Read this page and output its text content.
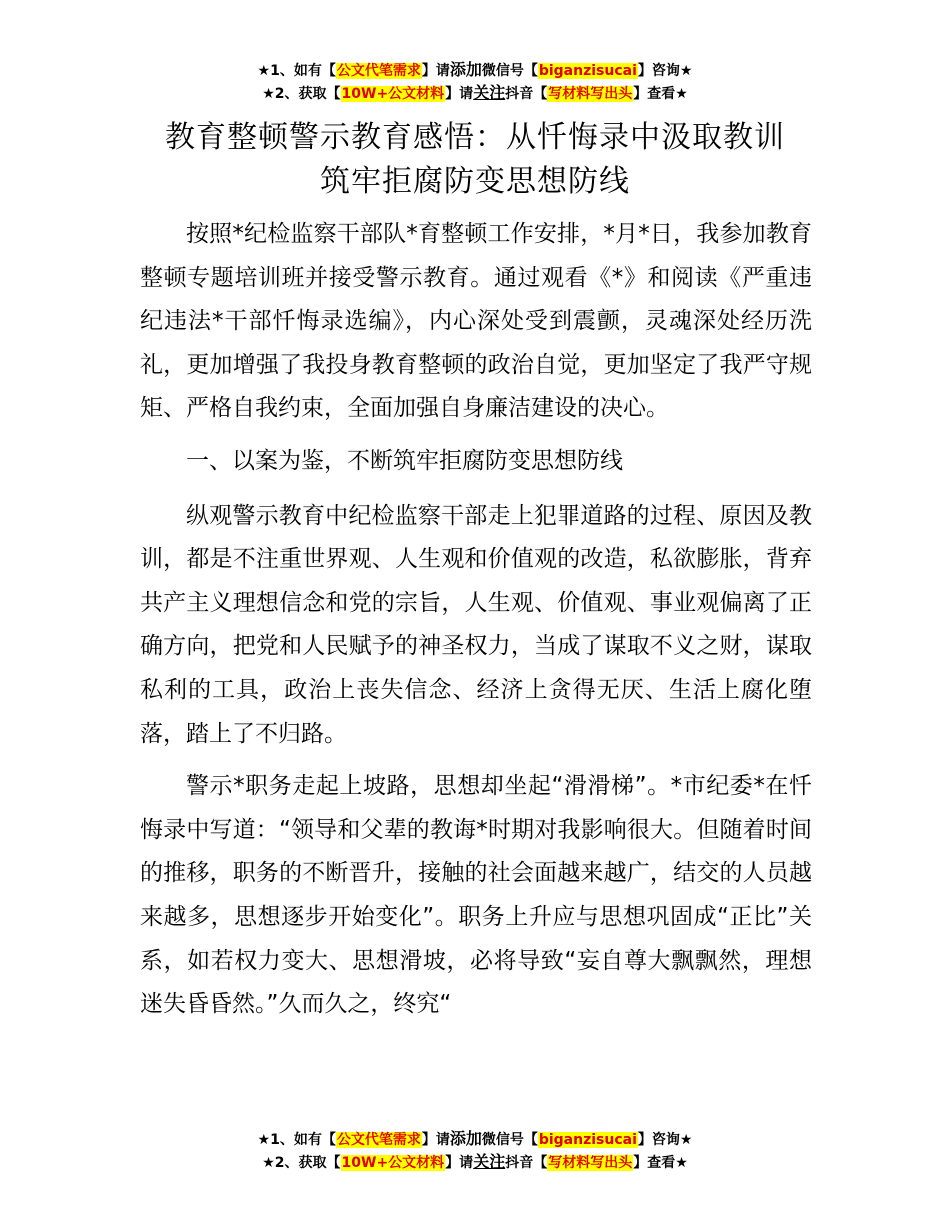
★1、如有【公文代笔需求】请添加微信号【biganzisucai】咨询★
★2、获取【10W+公文材料】请关注抖音【写材料写出头】查看★
教育整顿警示教育感悟：从忏悔录中汲取教训
筑牢拒腐防变思想防线

按照*纪检监察干部队*育整顿工作安排，*月*日，我参加教育整顿专题培训班并接受警示教育。通过观看《*》和阅读《严重违纪违法*干部忏悔录选编》，内心深处受到震颤，灵魂深处经历洗礼，更加增强了我投身教育整顿的政治自觉，更加坚定了我严守规矩、严格自我约束，全面加强自身廉洁建设的决心。

一、以案为鉴，不断筑牢拒腐防变思想防线

纵观警示教育中纪检监察干部走上犯罪道路的过程、原因及教训，都是不注重世界观、人生观和价值观的改造，私欲膨胀，背弃共产主义理想信念和党的宗旨，人生观、价值观、事业观偏离了正确方向，把党和人民赋予的神圣权力，当成了谋取不义之财，谋取私利的工具，政治上丧失信念、经济上贪得无厌、生活上腐化堕落，踏上了不归路。

警示*职务走起上坡路，思想却坐起“滑滑梯”。*市纪委*在忏悔录中写道：“领导和父辈的教诲*时期对我影响很大。但随着时间的推移，职务的不断晋升，接触的社会面越来越广，结交的人员越来越多，思想逐步开始变化”。职务上升应与思想巩固成“正比”关系，如若权力变大、思想滑坡，必将导致“妄自尊大飘飘然，理想迷失昏昏然。”久而久之，终究“

★1、如有【公文代笔需求】请添加微信号【biganzisucai】咨询★
★2、获取【10W+公文材料】请关注抖音【写材料写出头】查看★
